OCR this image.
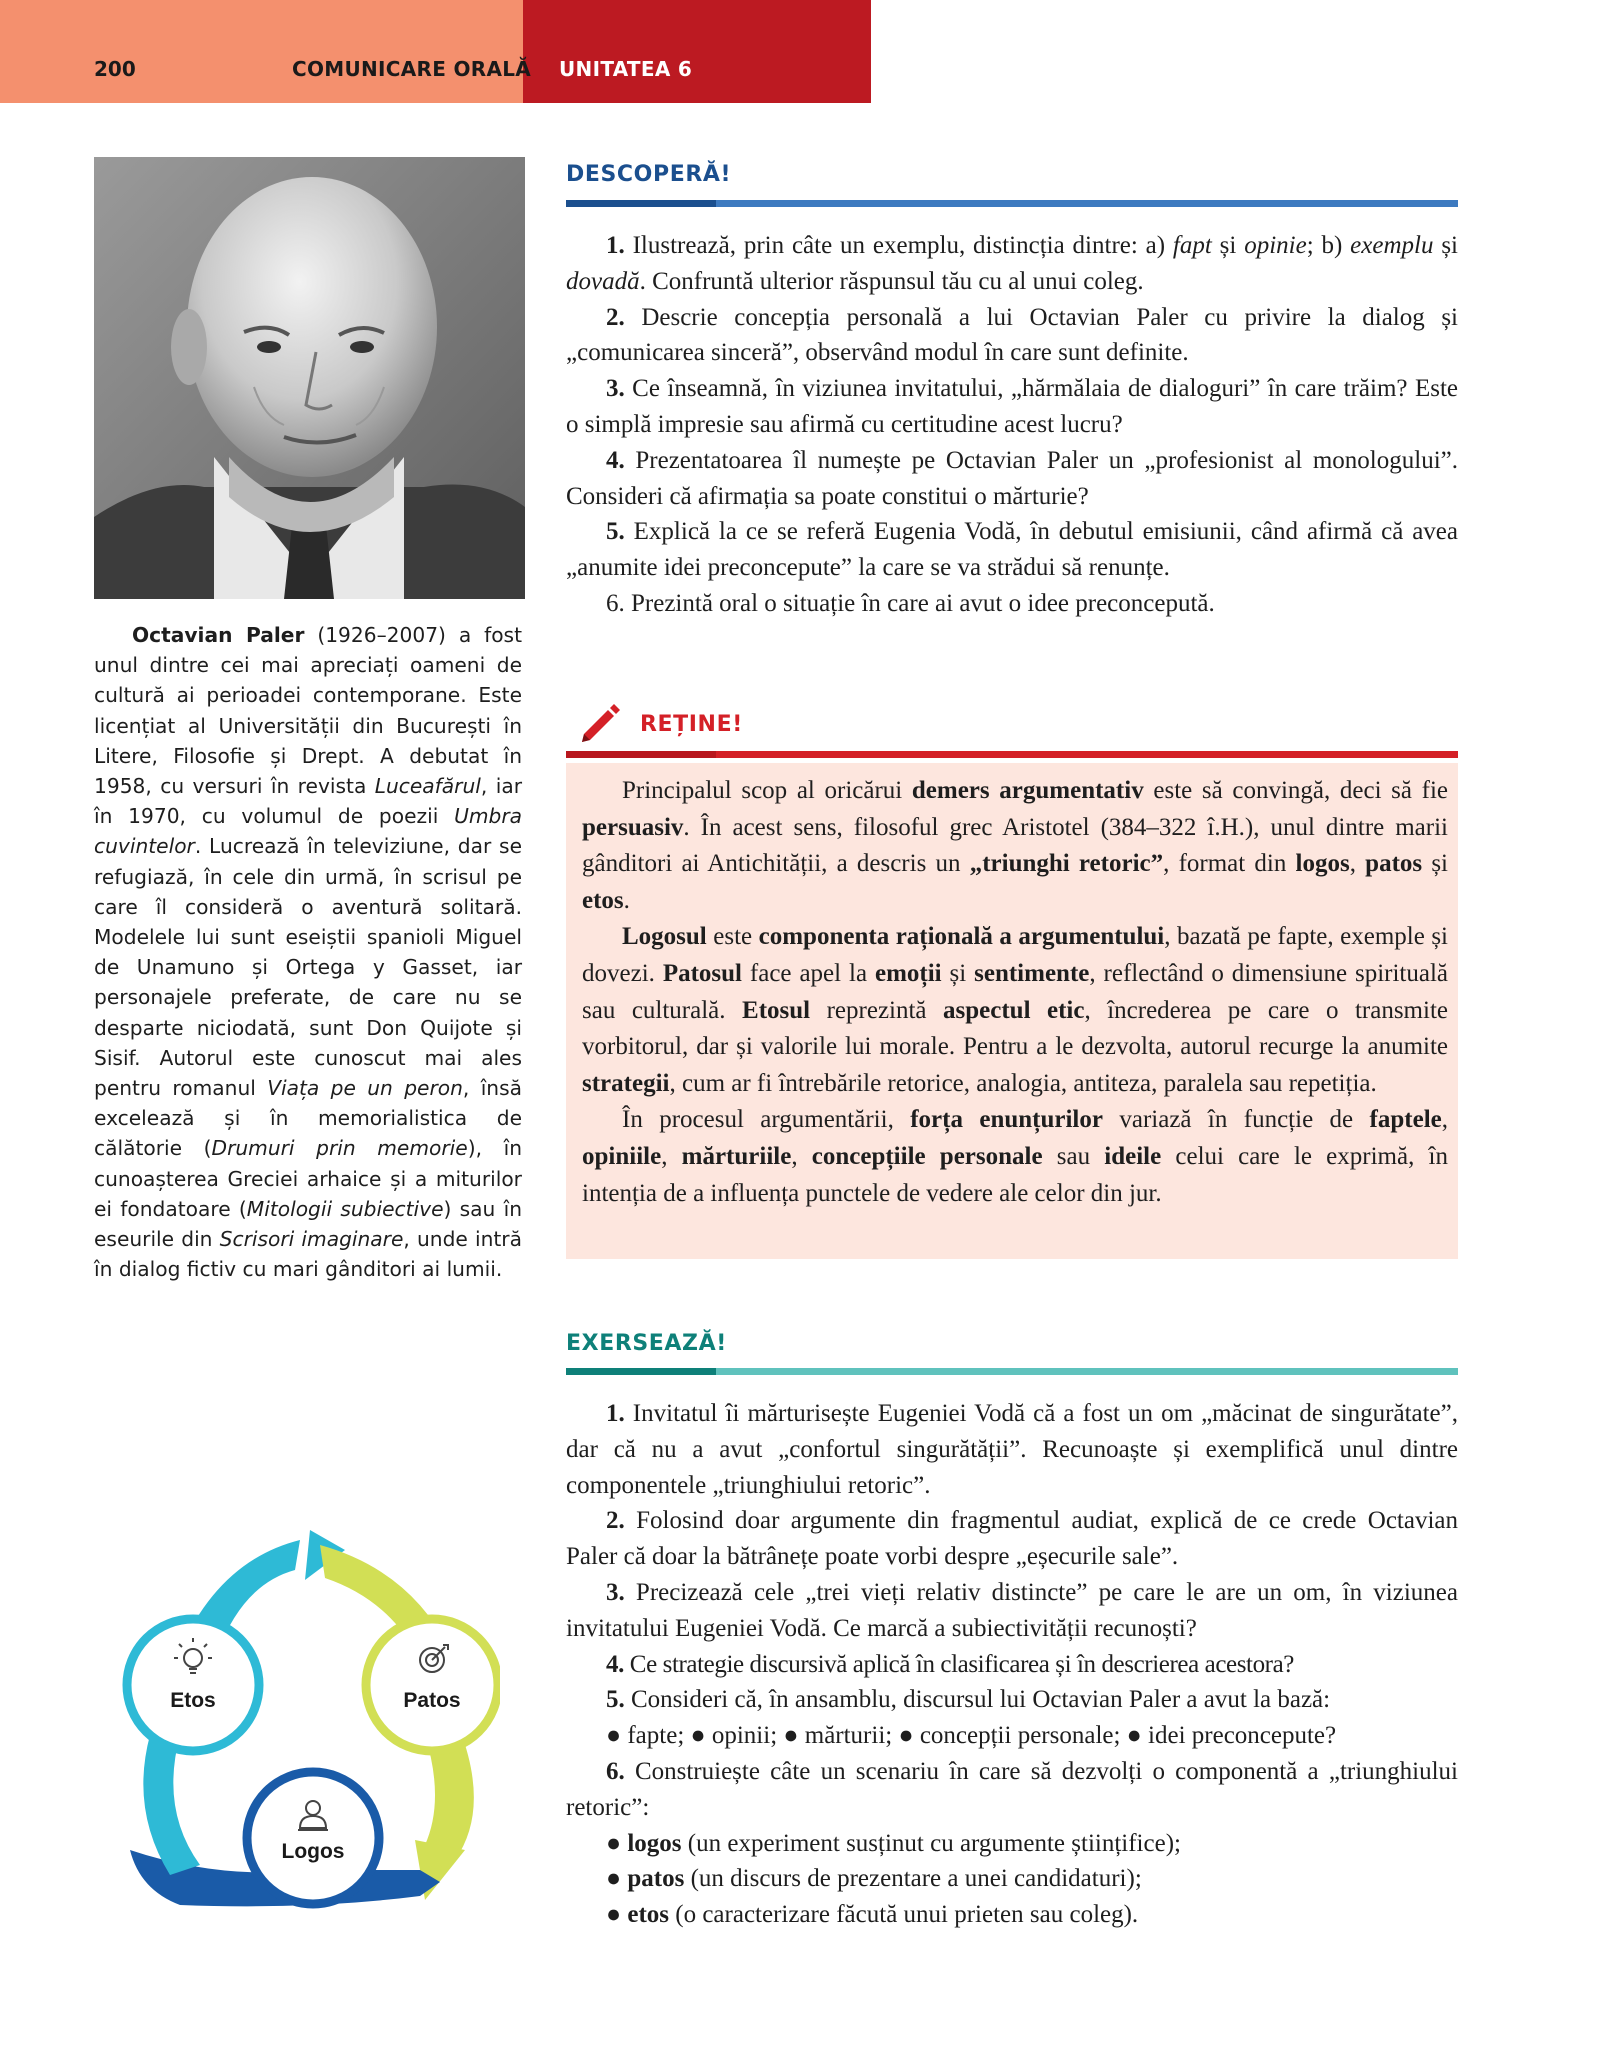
200	COMUNICARE ORALĂ UNITATEA 6

Octavian Paler (1926–2007) a fost unul dintre cei mai apreciați oameni de cultură ai perioadei contemporane. Este licențiat al Universității din București în Litere, Filosofie și Drept. A debutat în 1958, cu versuri în revista Luceafărul, iar în 1970, cu volumul de poezii Umbra cuvintelor. Lucrează în televiziune, dar se refugiază, în cele din urmă, în scrisul pe care îl consideră o aventură solitară. Modelele lui sunt eseiștii spanioli Miguel de Unamuno și Ortega y Gasset, iar personajele preferate, de care nu se desparte niciodată, sunt Don Quijote și Sisif. Autorul este cunoscut mai ales pentru romanul Viața pe un peron, însă excelează și în memorialistica de călătorie (Drumuri prin memorie), în cunoașterea Greciei arhaice și a miturilor ei fondatoare (Mitologii subiective) sau în eseurile din Scrisori imaginare, unde intră în dialog fictiv cu mari gânditori ai lumii.

DESCOPERĂ!

1. Ilustrează, prin câte un exemplu, distincția dintre: a) fapt și opinie; b) exemplu și dovadă. Confruntă ulterior răspunsul tău cu al unui coleg.

2. Descrie concepția personală a lui Octavian Paler cu privire la dialog și „comunicarea sinceră”, observând modul în care sunt definite.

3. Ce înseamnă, în viziunea invitatului, „hărmălaia de dialoguri” în care trăim? Este o simplă impresie sau afirmă cu certitudine acest lucru?

4. Prezentatoarea îl numește pe Octavian Paler un „profesionist al monologului”. Consideri că afirmația sa poate constitui o mărturie?

5. Explică la ce se referă Eugenia Vodă, în debutul emisiunii, când afirmă că avea „anumite idei preconcepute” la care se va strădui să renunțe.

6. Prezintă oral o situație în care ai avut o idee preconcepută.

REȚINE!

Principalul scop al oricărui demers argumentativ este să convingă, deci să fie persuasiv. În acest sens, filosoful grec Aristotel (384–322 î.H.), unul dintre marii gânditori ai Antichității, a descris un „triunghi retoric”, format din logos, patos și etos.

Logosul este componenta rațională a argumentului, bazată pe fapte, exemple și dovezi. Patosul face apel la emoții și sentimente, reflectând o dimensiune spirituală sau culturală. Etosul reprezintă aspectul etic, încrederea pe care o transmite vorbitorul, dar și valorile lui morale. Pentru a le dezvolta, autorul recurge la anumite strategii, cum ar fi întrebările retorice, analogia, antiteza, paralela sau repetiția.

În procesul argumentării, forța enunțurilor variază în funcție de faptele, opiniile, mărturiile, concepțiile personale sau ideile celui care le exprimă, în intenția de a influența punctele de vedere ale celor din jur.

EXERSEAZĂ!

1. Invitatul îi mărturisește Eugeniei Vodă că a fost un om „măcinat de singurătate”, dar că nu a avut „confortul singurătății”. Recunoaște și exemplifică unul dintre componentele „triunghiului retoric”.

2. Folosind doar argumente din fragmentul audiat, explică de ce crede Octavian Paler că doar la bătrânețe poate vorbi despre „eșecurile sale”.

3. Precizează cele „trei vieți relativ distincte” pe care le are un om, în viziunea invitatului Eugeniei Vodă. Ce marcă a subiectivității recunoști?

4. Ce strategie discursivă aplică în clasificarea și în descrierea acestora?

5. Consideri că, în ansamblu, discursul lui Octavian Paler a avut la bază:

● fapte; ● opinii; ● mărturii; ● concepții personale; ● idei preconcepute?

6. Construiește câte un scenariu în care să dezvolți o componentă a „triunghiului retoric”:

● logos (un experiment susținut cu argumente științifice);

● patos (un discurs de prezentare a unei candidaturi);

● etos (o caracterizare făcută unui prieten sau coleg).

Etos	Patos
Logos
